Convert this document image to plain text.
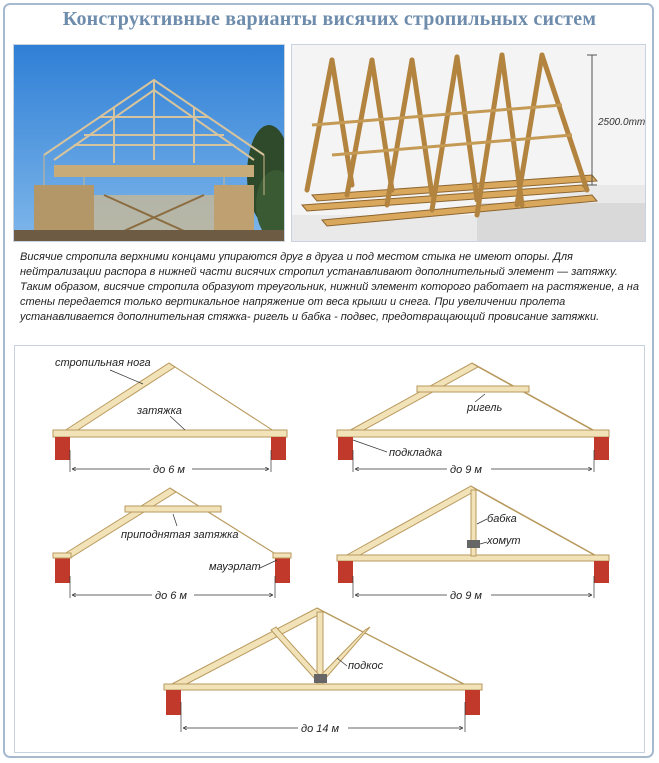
Конструктивные варианты висячих стропильных систем
2500.0mm
Висячие стропила верхними концами упираются друг в друга и под местом стыка не имеют опоры. Для нейтрализации распора в нижней части висячих стропил устанавливают дополнительный элемент — затяжку. Таким образом, висячие стропила образуют треугольник, нижний элемент которого работает на растяжение, а на стены передается только вертикальное напряжение от веса крыши и снега. При увеличении пролета устанавливается дополнительная стяжка- ригель и бабка - подвес, предотвращающий провисание затяжки.
стропильная нога
затяжка
до 6 м
ригель
подкладка
до 9 м
приподнятая затяжка
мауэрлат
до 6 м
бабка
хомут
до 9 м
подкос
до 14 м
